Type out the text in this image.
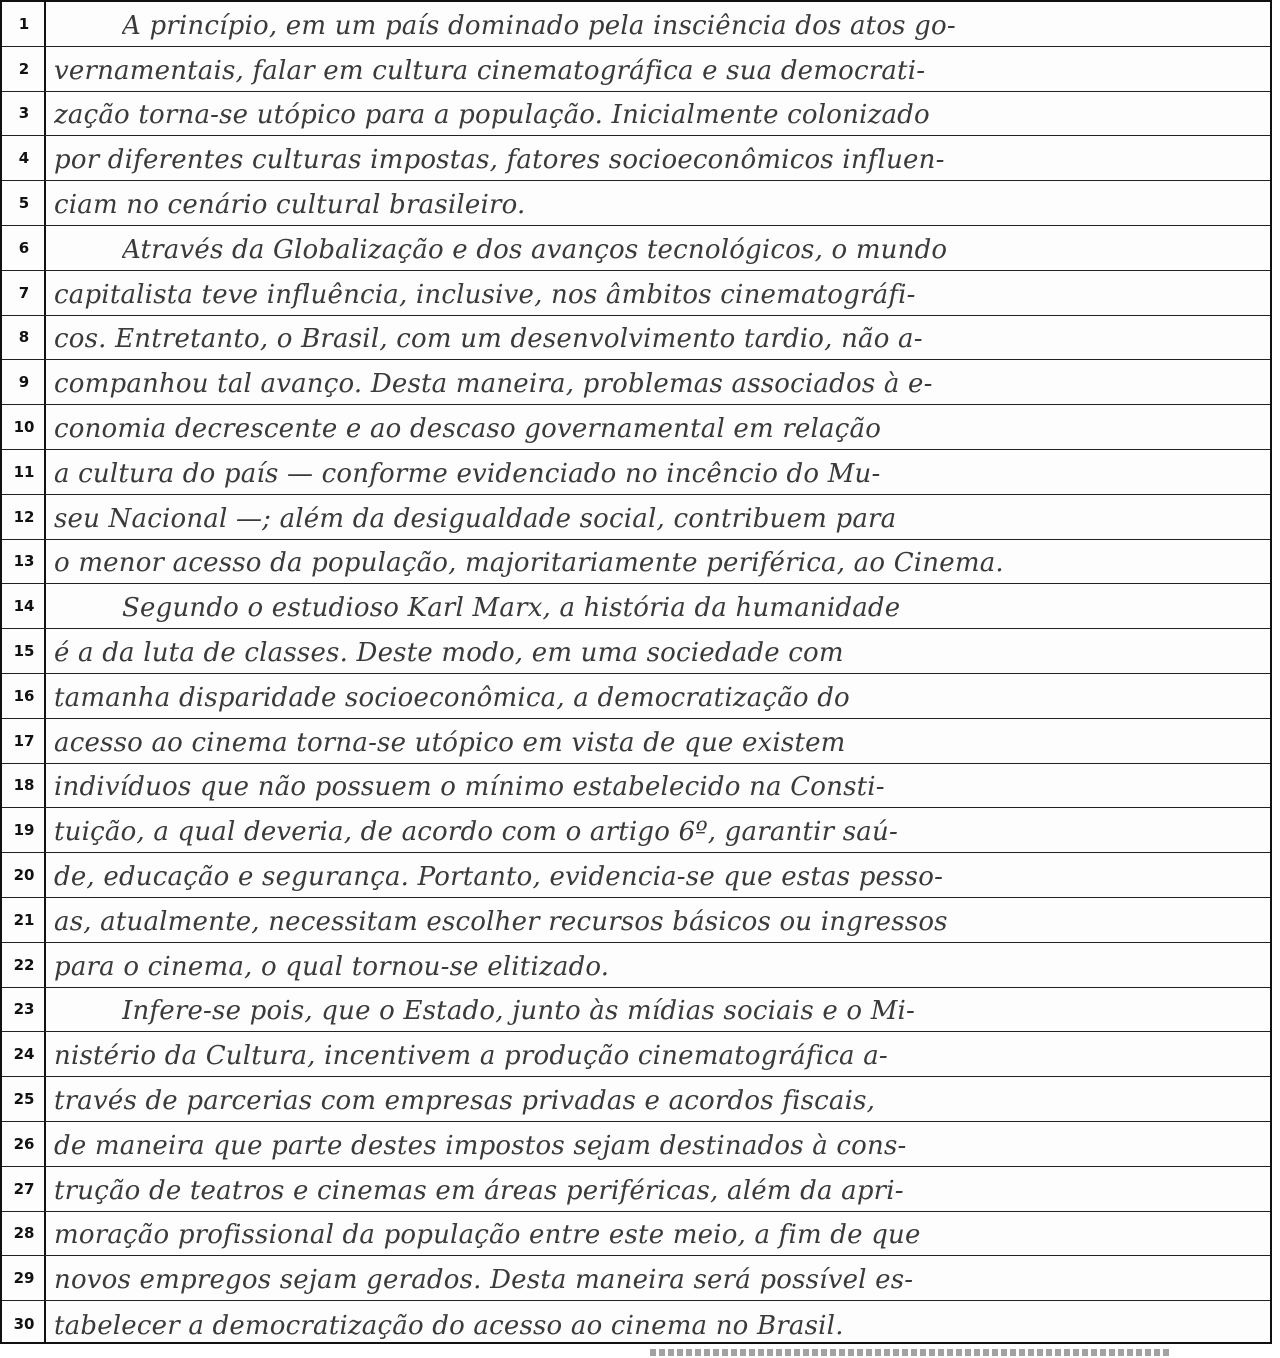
1	A princípio, em um país dominado pela insciência dos atos go-
2 vernamentais, falar em cultura cinematográfica e sua democrati-
3 zação torna-se utópico para a população. Inicialmente colonizado
4 por diferentes culturas impostas, fatores socioeconômicos influen-
5 ciam no cenário cultural brasileiro.
6	Através da Globalização e dos avanços tecnológicos, o mundo
7 capitalista teve influência, inclusive, nos âmbitos cinematográfi-
8 cos. Entretanto, o Brasil, com um desenvolvimento tardio, não a-
9 companhou tal avanço. Desta maneira, problemas associados à e-
10 conomia decrescente e ao descaso governamental em relação
11 a cultura do país — conforme evidenciado no incêncio do Mu-
12 seu Nacional —; além da desigualdade social, contribuem para
13 o menor acesso da população, majoritariamente periférica, ao Cinema.
14	Segundo o estudioso Karl Marx, a história da humanidade
15 é a da luta de classes. Deste modo, em uma sociedade com
16 tamanha disparidade socioeconômica, a democratização do
17 acesso ao cinema torna-se utópico em vista de que existem
18 indivíduos que não possuem o mínimo estabelecido na Consti-
19 tuição, a qual deveria, de acordo com o artigo 6º, garantir saú-
20 de, educação e segurança. Portanto, evidencia-se que estas pesso-
21 as, atualmente, necessitam escolher recursos básicos ou ingressos
22 para o cinema, o qual tornou-se elitizado.
23	Infere-se pois, que o Estado, junto às mídias sociais e o Mi-
24 nistério da Cultura, incentivem a produção cinematográfica a-
25 través de parcerias com empresas privadas e acordos fiscais,
26 de maneira que parte destes impostos sejam destinados à cons-
27 trução de teatros e cinemas em áreas periféricas, além da apri-
28 moração profissional da população entre este meio, a fim de que
29 novos empregos sejam gerados. Desta maneira será possível es-
30 tabelecer a democratização do acesso ao cinema no Brasil.
